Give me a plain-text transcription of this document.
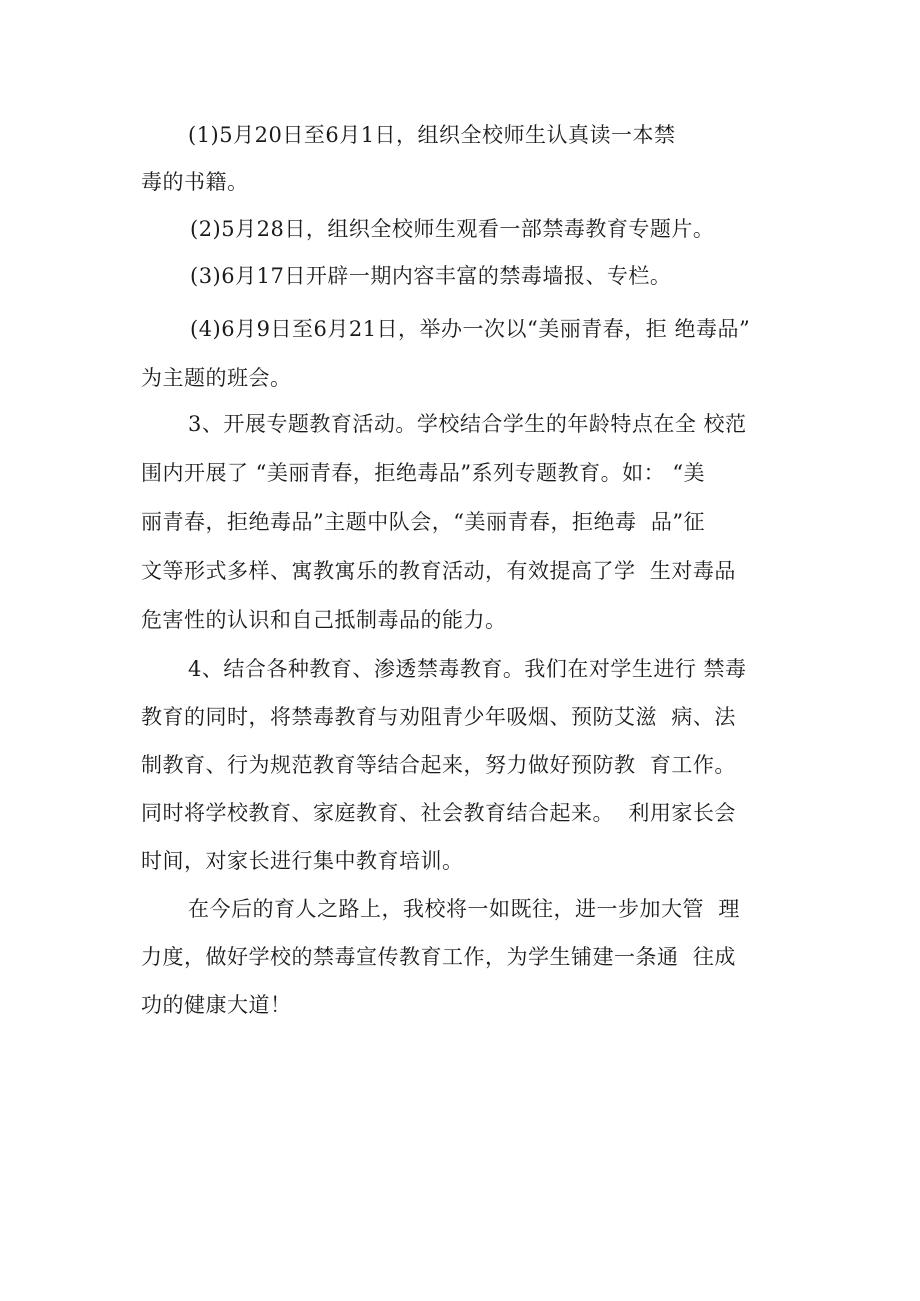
(1)5月20日至6月1日，组织全校师生认真读一本禁
毒的书籍。
(2)5月28日，组织全校师生观看一部禁毒教育专题片。
(3)6月17日开辟一期内容丰富的禁毒墙报、专栏。
(4)6月9日至6月21日，举办一次以“美丽青春，拒 绝毒品”
为主题的班会。
3、开展专题教育活动。学校结合学生的年龄特点在全 校范
围内开展了 “美丽青春，拒绝毒品”系列专题教育。如： “美
丽青春，拒绝毒品”主题中队会，“美丽青春，拒绝毒  品”征
文等形式多样、寓教寓乐的教育活动，有效提高了学  生对毒品
危害性的认识和自己抵制毒品的能力。
4、结合各种教育、渗透禁毒教育。我们在对学生进行 禁毒
教育的同时，将禁毒教育与劝阻青少年吸烟、预防艾滋  病、法
制教育、行为规范教育等结合起来，努力做好预防教  育工作。
同时将学校教育、家庭教育、社会教育结合起来。  利用家长会
时间，对家长进行集中教育培训。
在今后的育人之路上，我校将一如既往，进一步加大管  理
力度，做好学校的禁毒宣传教育工作，为学生铺建一条通  往成
功的健康大道！
